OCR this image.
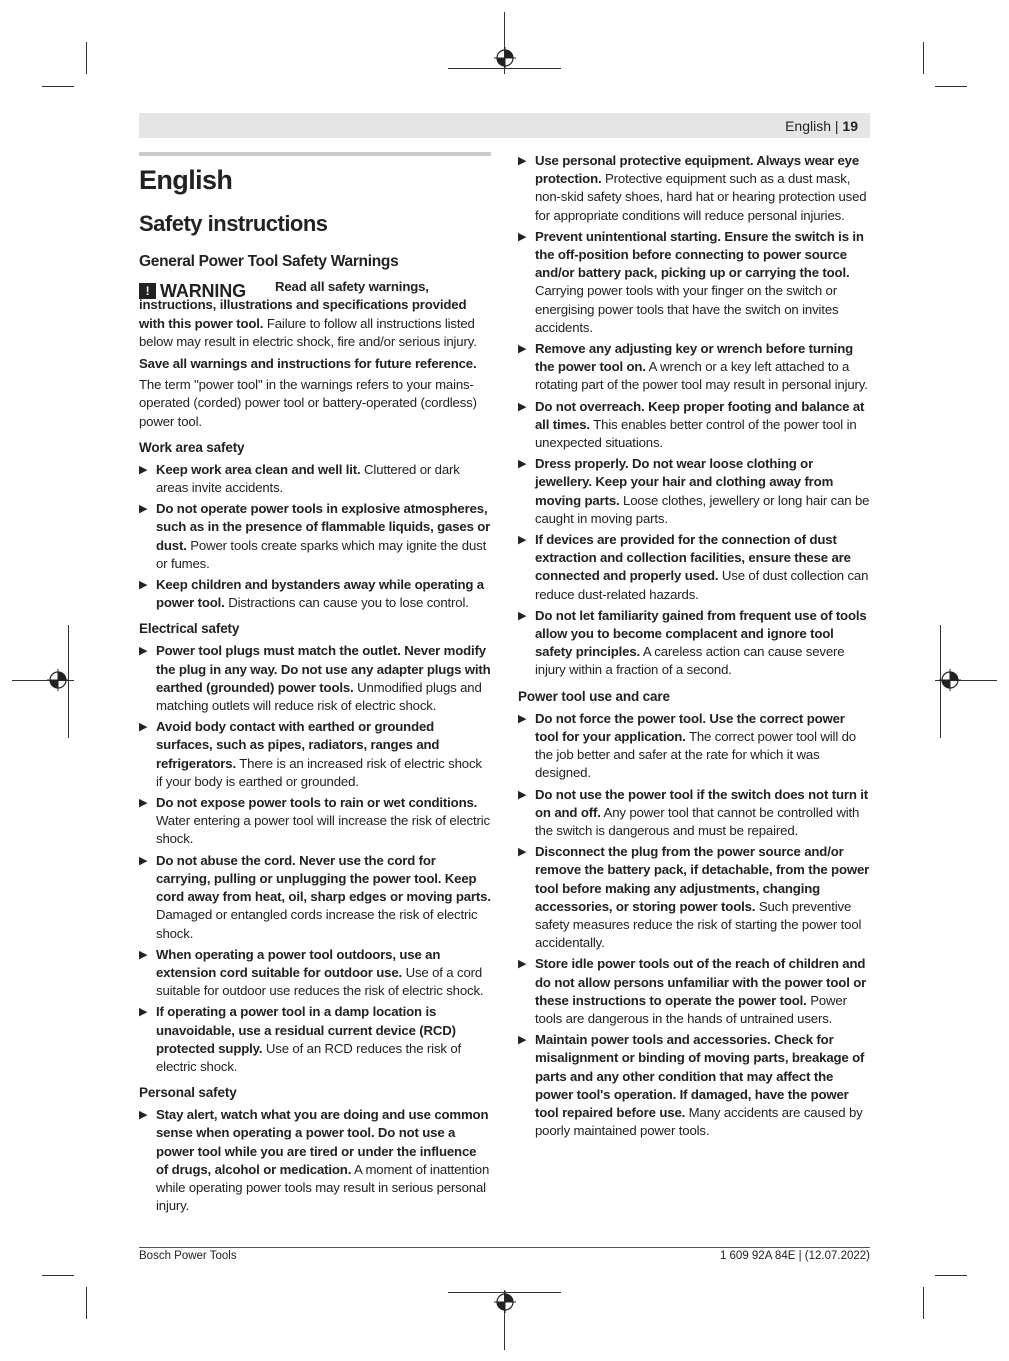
English | 19
English
Safety instructions
General Power Tool Safety Warnings
! WARNING	Read all safety warnings, instructions, illustrations and specifications provided with this power tool. Failure to follow all instructions listed below may result in electric shock, fire and/or serious injury.

Save all warnings and instructions for future reference.

The term "power tool" in the warnings refers to your mains-operated (corded) power tool or battery-operated (cordless) power tool.

Work area safety
▶ Keep work area clean and well lit. Cluttered or dark areas invite accidents.
▶ Do not operate power tools in explosive atmospheres, such as in the presence of flammable liquids, gases or dust. Power tools create sparks which may ignite the dust or fumes.
▶ Keep children and bystanders away while operating a power tool. Distractions can cause you to lose control.
Electrical safety
▶ Power tool plugs must match the outlet. Never modify the plug in any way. Do not use any adapter plugs with earthed (grounded) power tools. Unmodified plugs and matching outlets will reduce risk of electric shock.
▶ Avoid body contact with earthed or grounded surfaces, such as pipes, radiators, ranges and refrigerators. There is an increased risk of electric shock if your body is earthed or grounded.
▶ Do not expose power tools to rain or wet conditions. Water entering a power tool will increase the risk of electric shock.
▶ Do not abuse the cord. Never use the cord for carrying, pulling or unplugging the power tool. Keep cord away from heat, oil, sharp edges or moving parts. Damaged or entangled cords increase the risk of electric shock.
▶ When operating a power tool outdoors, use an extension cord suitable for outdoor use. Use of a cord suitable for outdoor use reduces the risk of electric shock.
▶ If operating a power tool in a damp location is unavoidable, use a residual current device (RCD) protected supply. Use of an RCD reduces the risk of electric shock.
Personal safety
▶ Stay alert, watch what you are doing and use common sense when operating a power tool. Do not use a power tool while you are tired or under the influence of drugs, alcohol or medication. A moment of inattention while operating power tools may result in serious personal injury.
▶ Use personal protective equipment. Always wear eye protection. Protective equipment such as a dust mask, non-skid safety shoes, hard hat or hearing protection used for appropriate conditions will reduce personal injuries.
▶ Prevent unintentional starting. Ensure the switch is in the off-position before connecting to power source and/or battery pack, picking up or carrying the tool. Carrying power tools with your finger on the switch or energising power tools that have the switch on invites accidents.
▶ Remove any adjusting key or wrench before turning the power tool on. A wrench or a key left attached to a rotating part of the power tool may result in personal injury.
▶ Do not overreach. Keep proper footing and balance at all times. This enables better control of the power tool in unexpected situations.
▶ Dress properly. Do not wear loose clothing or jewellery. Keep your hair and clothing away from moving parts. Loose clothes, jewellery or long hair can be caught in moving parts.
▶ If devices are provided for the connection of dust extraction and collection facilities, ensure these are connected and properly used. Use of dust collection can reduce dust-related hazards.
▶ Do not let familiarity gained from frequent use of tools allow you to become complacent and ignore tool safety principles. A careless action can cause severe injury within a fraction of a second.
Power tool use and care
▶ Do not force the power tool. Use the correct power tool for your application. The correct power tool will do the job better and safer at the rate for which it was designed.
▶ Do not use the power tool if the switch does not turn it on and off. Any power tool that cannot be controlled with the switch is dangerous and must be repaired.
▶ Disconnect the plug from the power source and/or remove the battery pack, if detachable, from the power tool before making any adjustments, changing accessories, or storing power tools. Such preventive safety measures reduce the risk of starting the power tool accidentally.
▶ Store idle power tools out of the reach of children and do not allow persons unfamiliar with the power tool or these instructions to operate the power tool. Power tools are dangerous in the hands of untrained users.
▶ Maintain power tools and accessories. Check for misalignment or binding of moving parts, breakage of parts and any other condition that may affect the power tool's operation. If damaged, have the power tool repaired before use. Many accidents are caused by poorly maintained power tools.
Bosch Power Tools	1 609 92A 84E | (12.07.2022)
